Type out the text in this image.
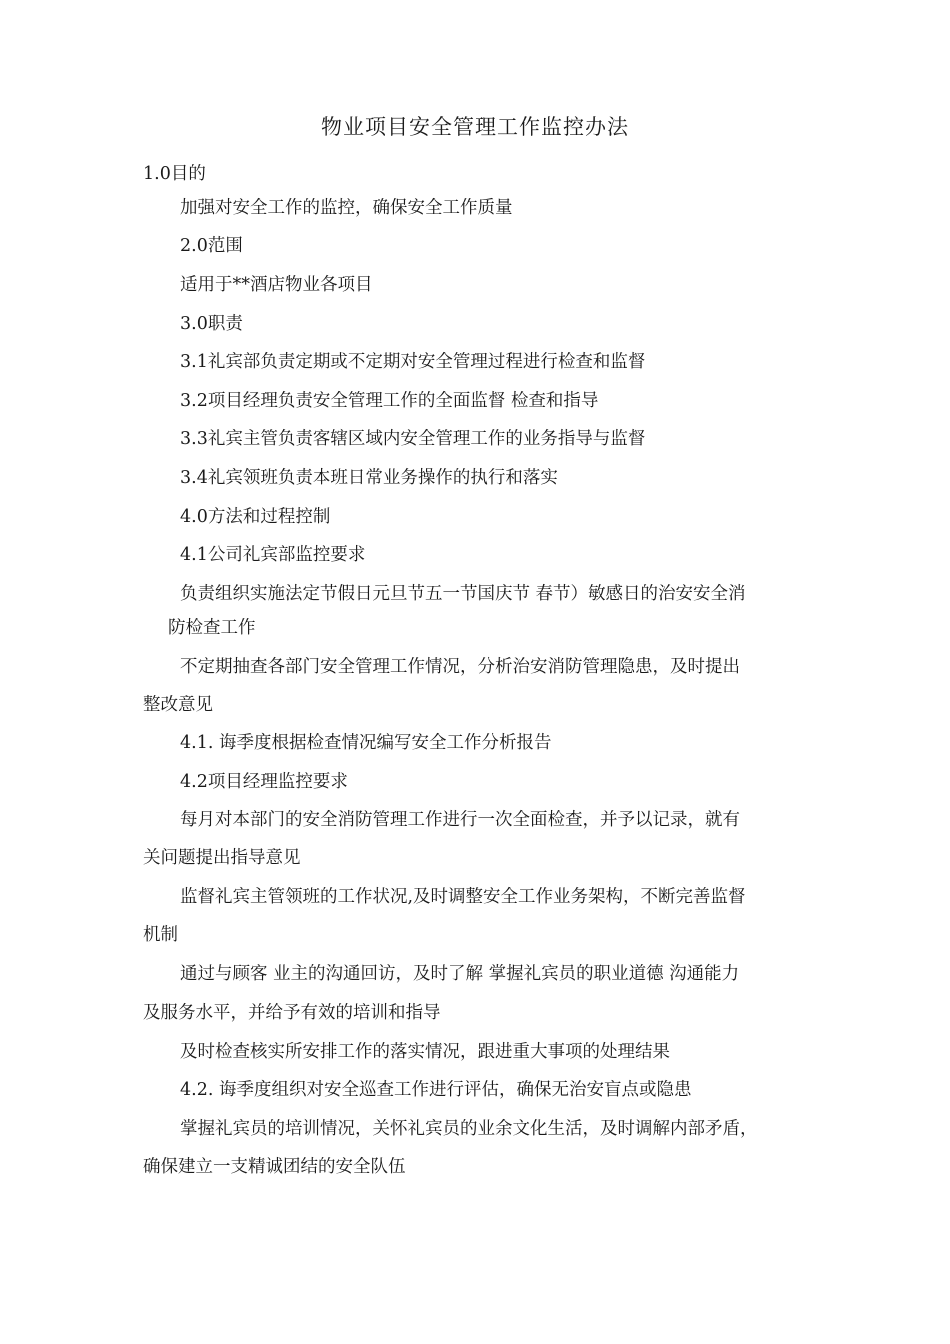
物业项目安全管理工作监控办法
1.0目的
加强对安全工作的监控，确保安全工作质量
2.0范围
适用于**酒店物业各项目
3.0职责
3.1礼宾部负责定期或不定期对安全管理过程进行检查和监督
3.2项目经理负责安全管理工作的全面监督 检查和指导
3.3礼宾主管负责客辖区域内安全管理工作的业务指导与监督
3.4礼宾领班负责本班日常业务操作的执行和落实
4.0方法和过程控制
4.1公司礼宾部监控要求
负责组织实施法定节假日元旦节五一节国庆节 春节）敏感日的治安安全消
防检查工作
不定期抽查各部门安全管理工作情况，分析治安消防管理隐患，及时提出
整改意见
4.1. 诲季度根据检查情况编写安全工作分析报告
4.2项目经理监控要求
每月对本部门的安全消防管理工作进行一次全面检查，并予以记录，就有
关问题提出指导意见
监督礼宾主管领班的工作状况,及时调整安全工作业务架构，不断完善监督
机制
通过与顾客 业主的沟通回访，及时了解 掌握礼宾员的职业道德 沟通能力
及服务水平，并给予有效的培训和指导
及时检查核实所安排工作的落实情况，跟进重大事项的处理结果
4.2. 诲季度组织对安全巡查工作进行评估，确保无治安盲点或隐患
掌握礼宾员的培训情况，关怀礼宾员的业余文化生活，及时调解内部矛盾，
确保建立一支精诚团结的安全队伍
